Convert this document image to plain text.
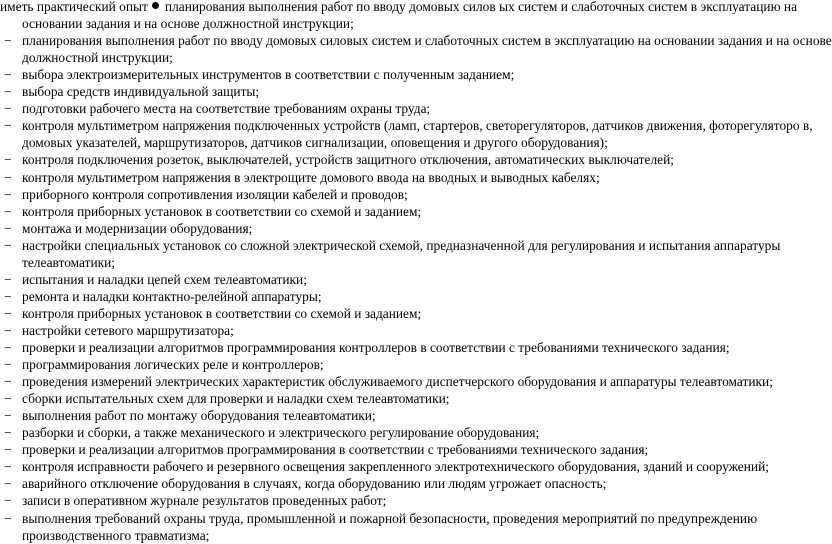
иметь практический опыт планирования выполнения работ по вводу домовых силов ых систем и слаботочных систем в эксплуатацию на
основании задания и на основе должностной инструкции;
− планирования выполнения работ по вводу домовых силовых систем и слаботочных систем в эксплуатацию на основании задания и на основе
должностной инструкции;
− выбора электроизмерительных инструментов в соответствии с полученным заданием;
− выбора средств индивидуальной защиты;
− подготовки рабочего места на соответствие требованиям охраны труда;
− контроля мультиметром напряжения подключенных устройств (ламп, стартеров, светорегуляторов, датчиков движения, фоторегуляторо в,
домовых указателей, маршрутизаторов, датчиков сигнализации, оповещения и другого оборудования);
− контроля подключения розеток, выключателей, устройств защитного отключения, автоматических выключателей;
− контроля мультиметром напряжения в электрощите домового ввода на вводных и выводных кабелях;
− приборного контроля сопротивления изоляции кабелей и проводов;
− контроля приборных установок в соответствии со схемой и заданием;
− монтажа и модернизации оборудования;
− настройки специальных установок со сложной электрической схемой, предназначенной для регулирования и испытания аппаратуры
телеавтоматики;
− испытания и наладки цепей схем телеавтоматики;
− ремонта и наладки контактно-релейной аппаратуры;
− контроля приборных установок в соответствии со схемой и заданием;
− настройки сетевого маршрутизатора;
− проверки и реализации алгоритмов программирования контроллеров в соответствии с требованиями технического задания;
− программирования логических реле и контроллеров;
− проведения измерений электрических характеристик обслуживаемого диспетчерского оборудования и аппаратуры телеавтоматики;
− сборки испытательных схем для проверки и наладки схем телеавтоматики;
− выполнения работ по монтажу оборудования телеавтоматики;
− разборки и сборки, а также механического и электрического регулирование оборудования;
− проверки и реализации алгоритмов программирования в соответствии с требованиями технического задания;
− контроля исправности рабочего и резервного освещения закрепленного электротехнического оборудования, зданий и сооружений;
− аварийного отключение оборудования в случаях, когда оборудованию или людям угрожает опасность;
− записи в оперативном журнале результатов проведенных работ;
− выполнения требований охраны труда, промышленной и пожарной безопасности, проведения мероприятий по предупреждению
производственного травматизма;
